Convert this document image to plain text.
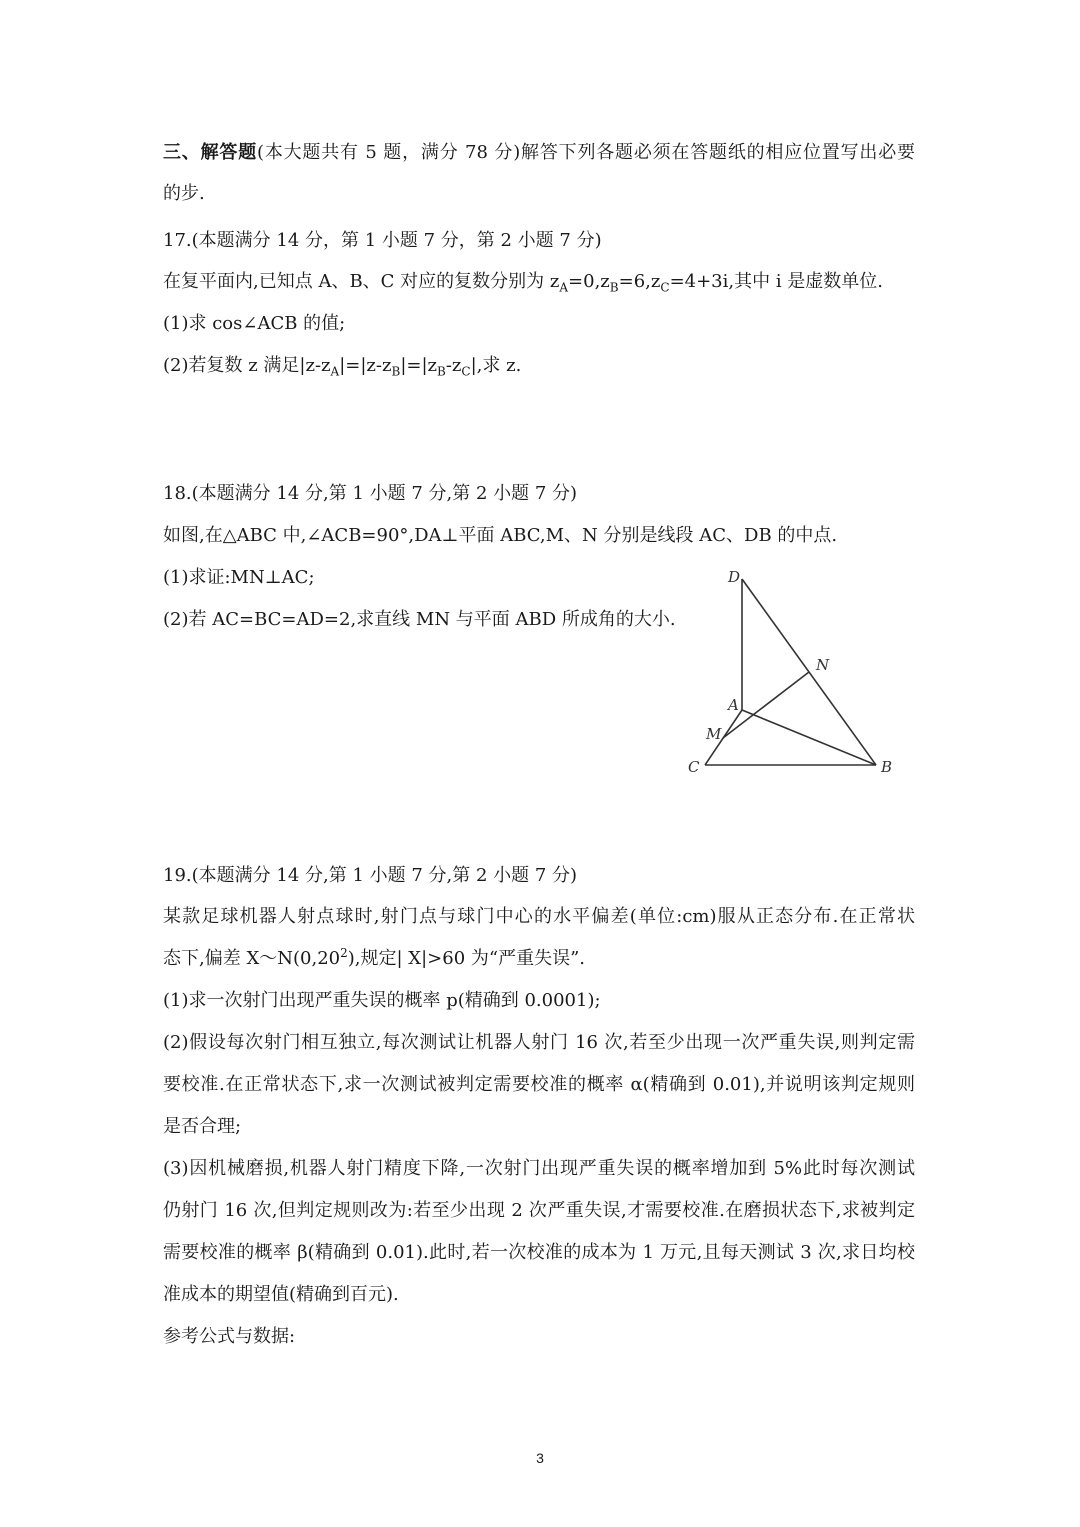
三、解答题(本大题共有 5 题，满分 78 分)解答下列各题必须在答题纸的相应位置写出必要
的步.
17.(本题满分 14 分，第 1 小题 7 分，第 2 小题 7 分)
在复平面内,已知点 A、B、C 对应的复数分别为 $z_A=0,z_B=6,z_C=4+3i$,其中 i 是虚数单位.
(1)求 cos∠ACB 的值;
(2)若复数 z 满足$|z-z_A|=|z-z_B|=|z_B-z_C|$,求 z.
18.(本题满分 14 分,第 1 小题 7 分,第 2 小题 7 分)
如图,在△ABC 中,∠ACB=90°,DA⊥平面 ABC,M、N 分别是线段 AC、DB 的中点.
(1)求证:MN⊥AC;
(2)若 AC=BC=AD=2,求直线 MN 与平面 ABD 所成角的大小.
D
N
A
M
C	B
19.(本题满分 14 分,第 1 小题 7 分,第 2 小题 7 分)
某款足球机器人射点球时,射门点与球门中心的水平偏差(单位:cm)服从正态分布.在正常状
态下,偏差 X～N(0,20$^2$),规定| X|>60 为“严重失误”.
(1)求一次射门出现严重失误的概率 p(精确到 0.0001);
(2)假设每次射门相互独立,每次测试让机器人射门 16 次,若至少出现一次严重失误,则判定需
要校准.在正常状态下,求一次测试被判定需要校准的概率 α(精确到 0.01),并说明该判定规则
是否合理;
(3)因机械磨损,机器人射门精度下降,一次射门出现严重失误的概率增加到 5%此时每次测试
仍射门 16 次,但判定规则改为:若至少出现 2 次严重失误,才需要校准.在磨损状态下,求被判定
需要校准的概率 β(精确到 0.01).此时,若一次校准的成本为 1 万元,且每天测试 3 次,求日均校
准成本的期望值(精确到百元).
参考公式与数据:
3
